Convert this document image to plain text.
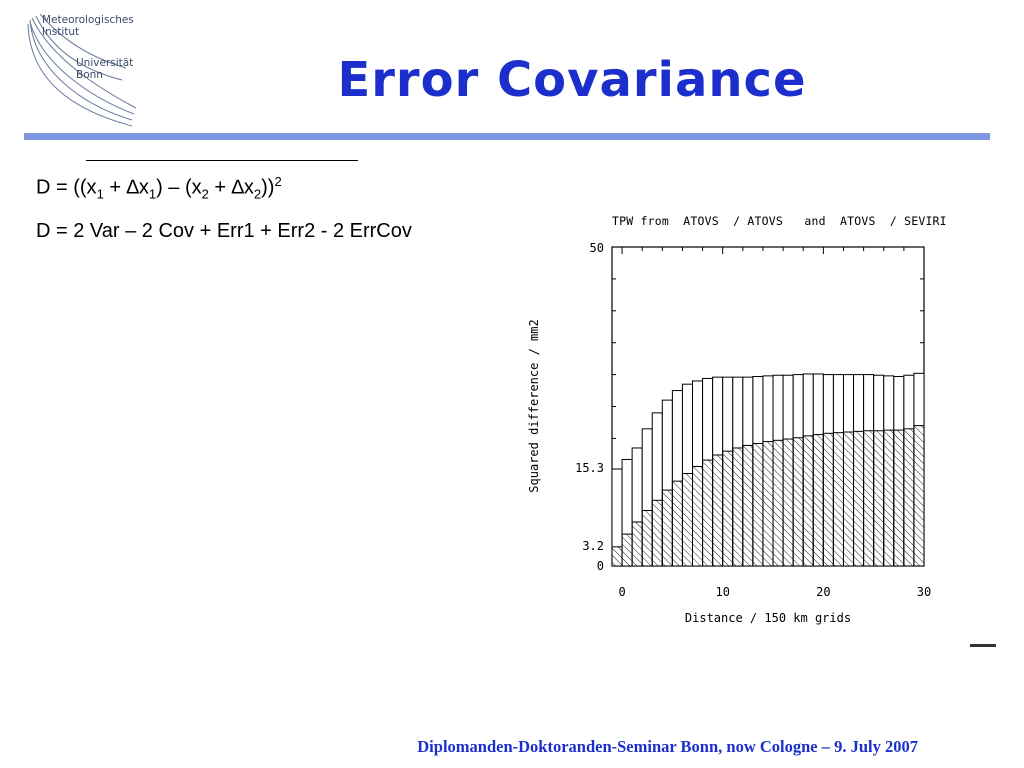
Meteorologisches
Institut
Universität
Bonn	Error Covariance
$D = ((x_1 + \Delta x_1) - (x_2 + \Delta x_2))^2$
D = 2 Var – 2 Cov + Err1 + Err2 - 2 ErrCov	TPW from  ATOVS  / ATOVS   and  ATOVS  / SEVIRI
0	10	20	30
0
3.2
15.3
50
Distance / 150 km grids
Squared difference / mm2
Diplomanden-Doktoranden-Seminar Bonn, now Cologne – 9. July 2007
